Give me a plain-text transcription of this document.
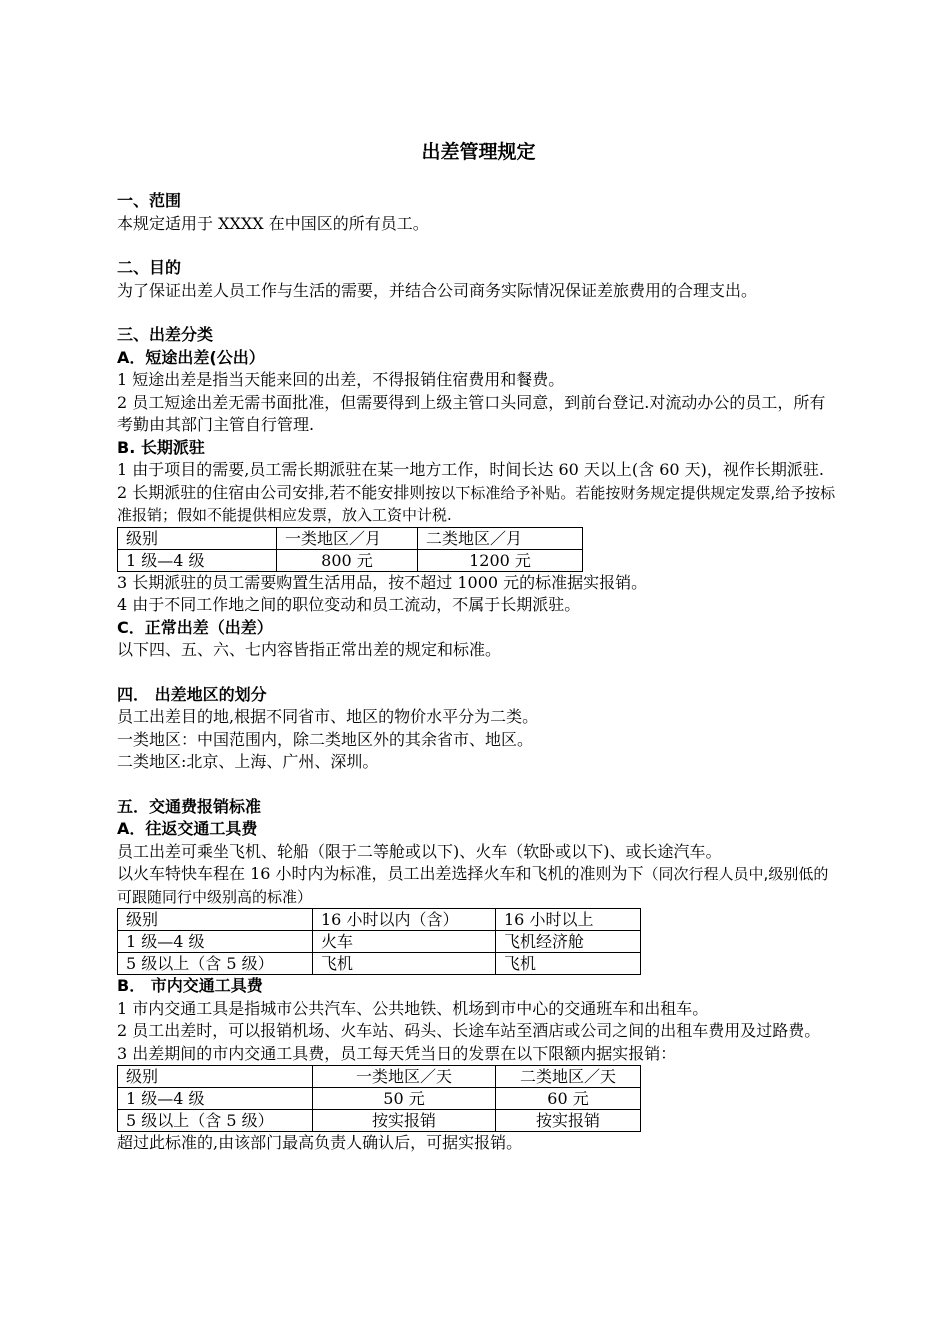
出差管理规定

一、范围

本规定适用于 XXXX 在中国区的所有员工。

二、目的

为了保证出差人员工作与生活的需要，并结合公司商务实际情况保证差旅费用的合理支出。

三、出差分类

A．短途出差(公出）

1 短途出差是指当天能来回的出差，不得报销住宿费用和餐费。

2 员工短途出差无需书面批准，但需要得到上级主管口头同意，到前台登记.对流动办公的员工，所有考勤由其部门主管自行管理.

B. 长期派驻

1 由于项目的需要,员工需长期派驻在某一地方工作，时间长达 60 天以上(含 60 天)，视作长期派驻.

2 长期派驻的住宿由公司安排,若不能安排则按以下标准给予补贴。若能按财务规定提供规定发票,给予按标准报销；假如不能提供相应发票，放入工资中计税.

级别	一类地区／月	二类地区／月
1 级—4 级	800 元	1200 元

3 长期派驻的员工需要购置生活用品，按不超过 1000 元的标准据实报销。

4 由于不同工作地之间的职位变动和员工流动，不属于长期派驻。

C．正常出差（出差）

以下四、五、六、七内容皆指正常出差的规定和标准。

四． 出差地区的划分

员工出差目的地,根据不同省市、地区的物价水平分为二类。

一类地区：中国范围内，除二类地区外的其余省市、地区。

二类地区:北京、上海、广州、深圳。

五．交通费报销标准

A．往返交通工具费

员工出差可乘坐飞机、轮船（限于二等舱或以下)、火车（软卧或以下)、或长途汽车。

以火车特快车程在 16 小时内为标准，员工出差选择火车和飞机的准则为下（同次行程人员中,级别低的可跟随同行中级别高的标准）

级别	16 小时以内（含）	16 小时以上
1 级—4 级	火车	飞机经济舱
5 级以上（含 5 级）	飞机	飞机

B． 市内交通工具费

1 市内交通工具是指城市公共汽车、公共地铁、机场到市中心的交通班车和出租车。

2 员工出差时，可以报销机场、火车站、码头、长途车站至酒店或公司之间的出租车费用及过路费。

3 出差期间的市内交通工具费，员工每天凭当日的发票在以下限额内据实报销：

级别	一类地区／天	二类地区／天
1 级—4 级	50 元	60 元
5 级以上（含 5 级）	按实报销	按实报销

超过此标准的,由该部门最高负责人确认后，可据实报销。
